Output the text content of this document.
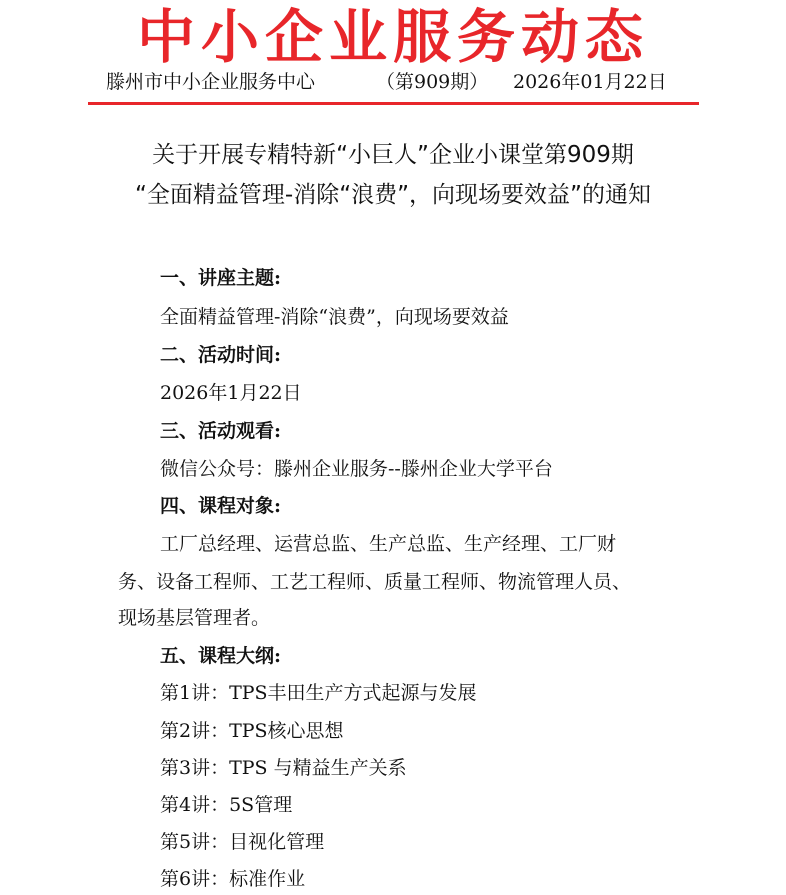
中小企业服务动态
滕州市中小企业服务中心	（第909期） 2026年01月22日
关于开展专精特新“小巨人”企业小课堂第909期
“全面精益管理-消除“浪费”，向现场要效益”的通知
一、讲座主题:
全面精益管理-消除“浪费”，向现场要效益
二、活动时间:
2026年1月22日
三、活动观看:
微信公众号：滕州企业服务--滕州企业大学平台
四、课程对象:
工厂总经理、运营总监、生产总监、生产经理、工厂财
务、设备工程师、工艺工程师、质量工程师、物流管理人员、
现场基层管理者。
五、课程大纲:
第1讲：TPS丰田生产方式起源与发展
第2讲：TPS核心思想
第3讲：TPS 与精益生产关系
第4讲：5S管理
第5讲：目视化管理
第6讲：标准作业
